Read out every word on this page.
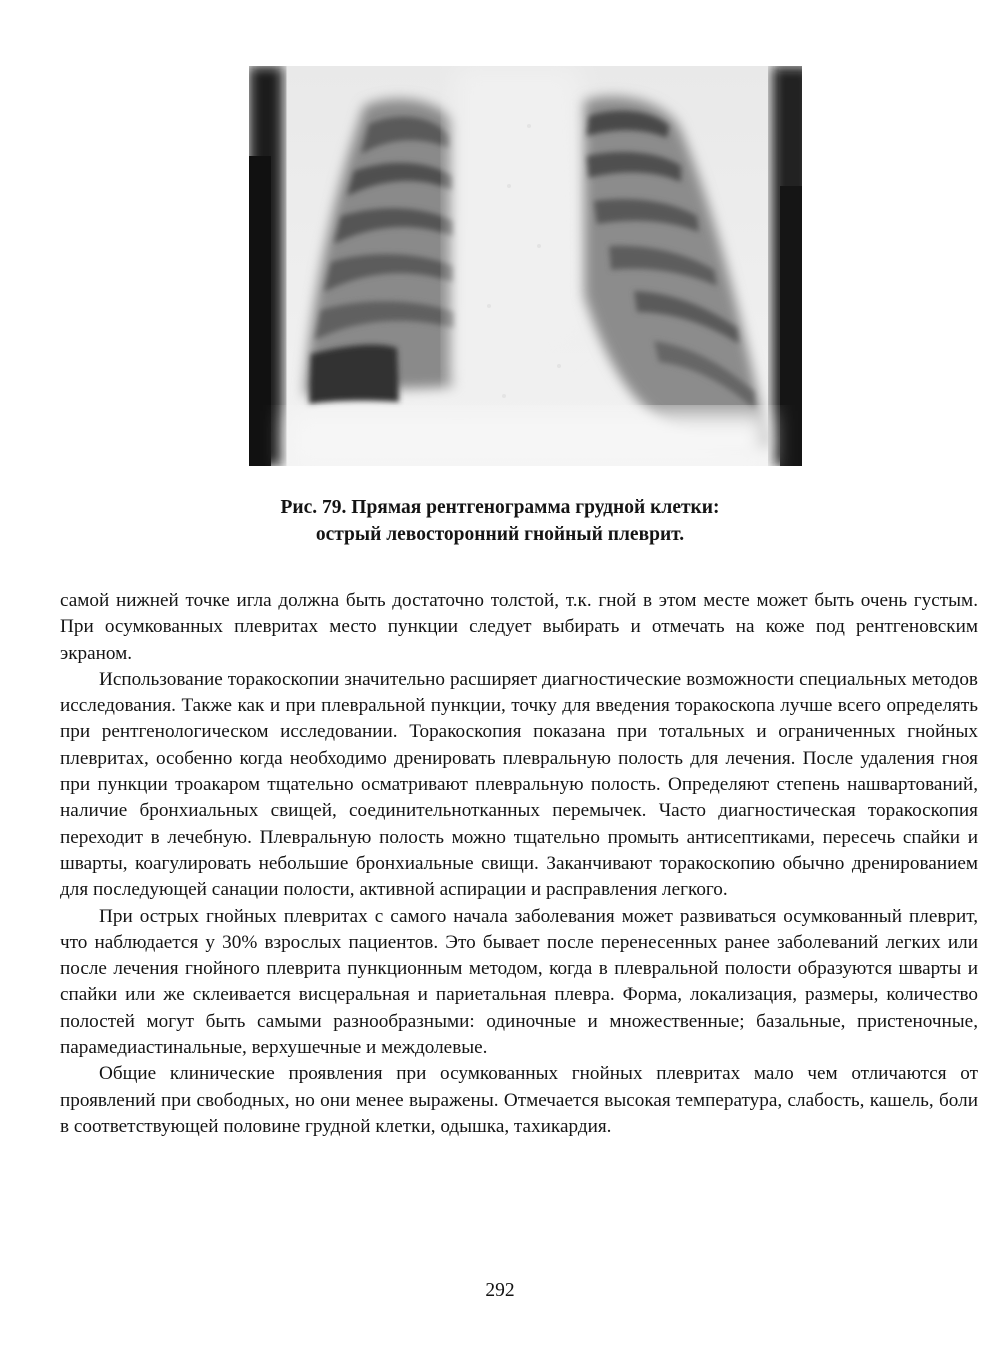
Рис. 79. Прямая рентгенограмма грудной клетки:
острый левосторонний гнойный плеврит.

самой нижней точке игла должна быть достаточно толстой, т.к. гной в этом месте может быть очень густым. При осумкованных плевритах место пункции следует выбирать и отмечать на коже под рентгеновским экраном.

Использование торакоскопии значительно расширяет диагностические возможности специальных методов исследования. Также как и при плевральной пункции, точку для введения торакоскопа лучше всего определять при рентгенологическом исследовании. Торакоскопия показана при тотальных и ограниченных гнойных плевритах, особенно когда необходимо дренировать плевральную полость для лечения. После удаления гноя при пункции троакаром тщательно осматривают плевральную полость. Определяют степень нашвартований, наличие бронхиальных свищей, соединительнотканных перемычек. Часто диагностическая торакоскопия переходит в лечебную. Плевральную полость можно тщательно промыть антисептиками, пересечь спайки и шварты, коагулировать небольшие бронхиальные свищи. Заканчивают торакоскопию обычно дренированием для последующей санации полости, активной аспирации и расправления легкого.

При острых гнойных плевритах с самого начала заболевания может развиваться осумкованный плеврит, что наблюдается у 30% взрослых пациентов. Это бывает после перенесенных ранее заболеваний легких или после лечения гнойного плеврита пункционным методом, когда в плевральной полости образуются шварты и спайки или же склеивается висцеральная и париетальная плевра. Форма, локализация, размеры, количество полостей могут быть самыми разнообразными: одиночные и множественные; базальные, пристеночные, парамедиастинальные, верхушечные и междолевые.

Общие клинические проявления при осумкованных гнойных плевритах мало чем отличаются от проявлений при свободных, но они менее выражены. Отмечается высокая температура, слабость, кашель, боли в соответствующей половине грудной клетки, одышка, тахикардия.

292
